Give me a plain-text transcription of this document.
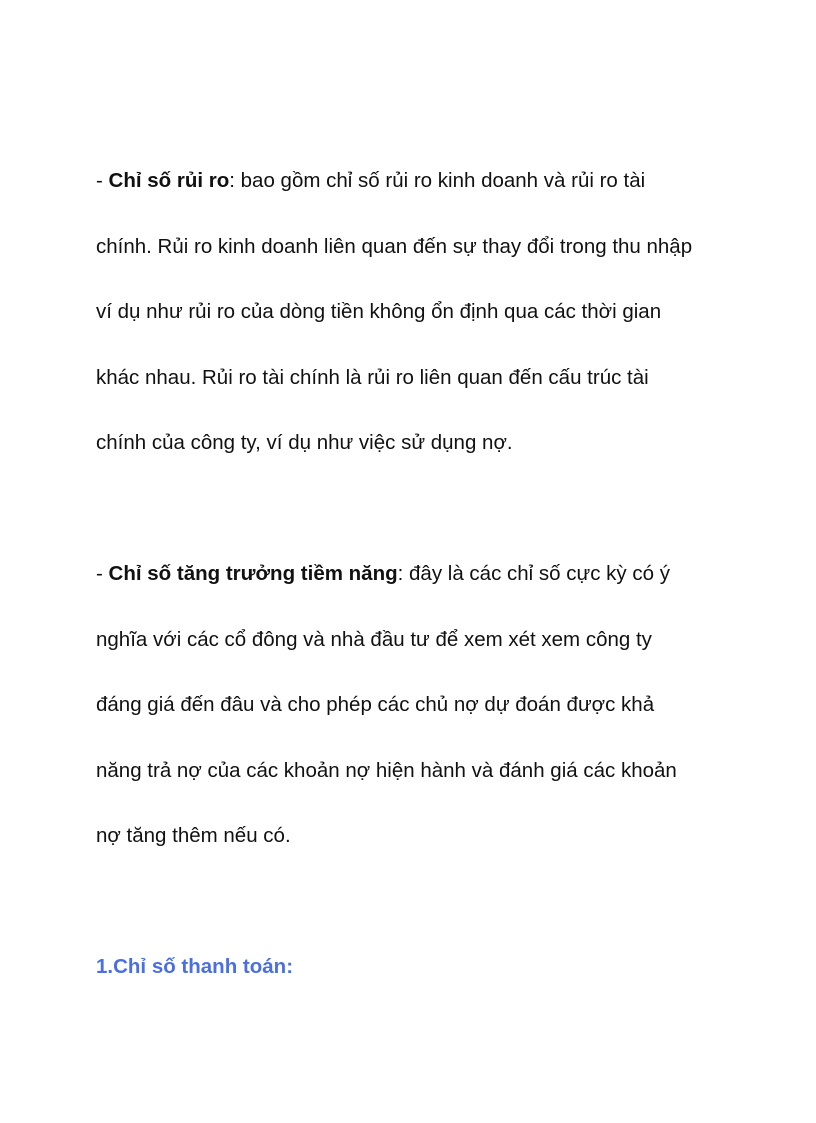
- Chỉ số rủi ro: bao gồm chỉ số rủi ro kinh doanh và rủi ro tài
chính. Rủi ro kinh doanh liên quan đến sự thay đổi trong thu nhập
ví dụ như rủi ro của dòng tiền không ổn định qua các thời gian
khác nhau. Rủi ro tài chính là rủi ro liên quan đến cấu trúc tài
chính của công ty, ví dụ như việc sử dụng nợ.
- Chỉ số tăng trưởng tiềm năng: đây là các chỉ số cực kỳ có ý
nghĩa với các cổ đông và nhà đầu tư để xem xét xem công ty
đáng giá đến đâu và cho phép các chủ nợ dự đoán được khả
năng trả nợ của các khoản nợ hiện hành và đánh giá các khoản
nợ tăng thêm nếu có.
1.Chỉ số thanh toán:
